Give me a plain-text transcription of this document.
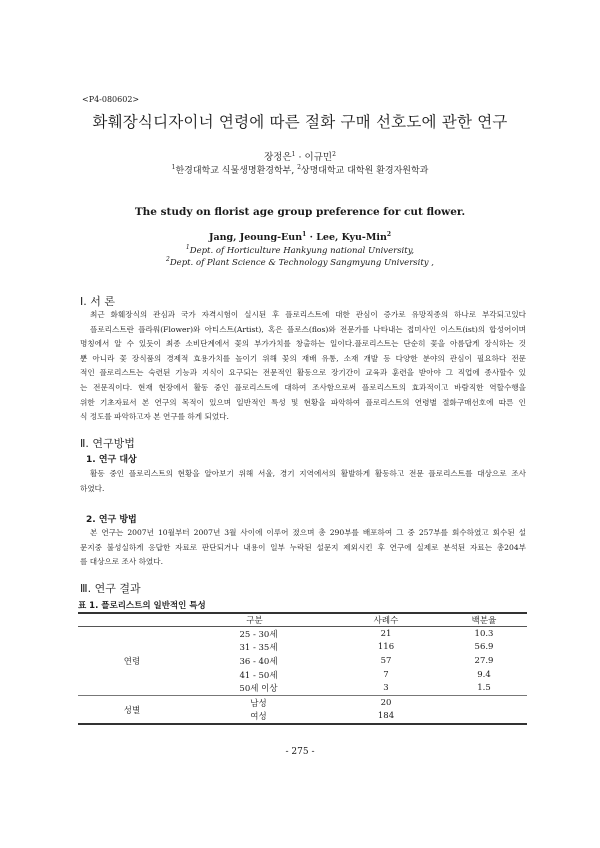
<P4-080602>
화훼장식디자이너 연령에 따른 절화 구매 선호도에 관한 연구
장정은$^1$ · 이규민$^2$
$^1$한경대학교 식물생명환경학부, $^2$상명대학교 대학원 환경자원학과
The study on florist age group preference for cut flower.
Jang, Jeoung-Eun$^1$ · Lee, Kyu-Min$^2$
$^1$Dept. of Horticulture Hankyung national University,
$^2$Dept. of Plant Science & Technology Sangmyung University ,
Ⅰ. 서 론
최근 화훼장식의 관심과 국가 자격시험이 실시된 후 플로리스트에 대한 관심이 증가로 유망직종의 하나로 부각되고있다
플로리스트란 플라워(Flower)와 아티스트(Artist), 혹은 플로스(flos)와 전문가를 나타내는 접미사인 이스트(ist)의 합성어이며
명칭에서 알 수 있듯이 최종 소비단계에서 꽃의 부가가치를 창출하는 일이다.플로리스트는 단순히 꽃을 아름답게 장식하는 것
뿐 아니라 꽃 장식품의 경제적 효용가치를 높이기 위해 꽃의 재배 유통, 소재 개발 등 다양한 분야의 관심이 필요하다 전문
적인 플로리스트는 숙련된 기능과 지식이 요구되는 전문적인 활동으로 장기간이 교육과 훈련을 받아야 그 직업에 종사할수 있
는 전문직이다. 현재 현장에서 활동 중인 플로리스트에 대하여 조사함으로써 플로리스트의 효과적이고 바람직한 역할수행을
위한 기초자료서 본 연구의 목적이 있으며 일반적인 특성 및 현황을 파악하여 플로리스트의 연령별 절화구매선호에 따른 인
식 정도를 파악하고자 본 연구를 하게 되었다.
Ⅱ. 연구방법
1. 연구 대상
활동 중인 플로리스트의 현황을 알아보기 위해 서울, 경기 지역에서의 활발하게 활동하고 전문 플로리스트를 대상으로 조사
하였다.
2. 연구 방법
본 연구는 2007년 10월부터 2007년 3월 사이에 이루어 졌으며 총 290부를 배포하여 그 중 257부를 회수하였고 회수된 설
문지중 불성실하게 응답한 자료로 판단되거나 내용이 일부 누락된 설문지 제외시킨 후 연구에 실제로 분석된 자료는 총204부
를 대상으로 조사 하였다.
Ⅲ. 연구 결과
표 1. 플로리스트의 일반적인 특성
구분		사례수	백분율
연령	25 - 30세	21	10.3
	31 - 35세	116	56.9
	36 - 40세	57	27.9
	41 - 50세	7	9.4
	50세 이상	3	1.5
성별	남성	20	
	여성	184	
- 275 -
